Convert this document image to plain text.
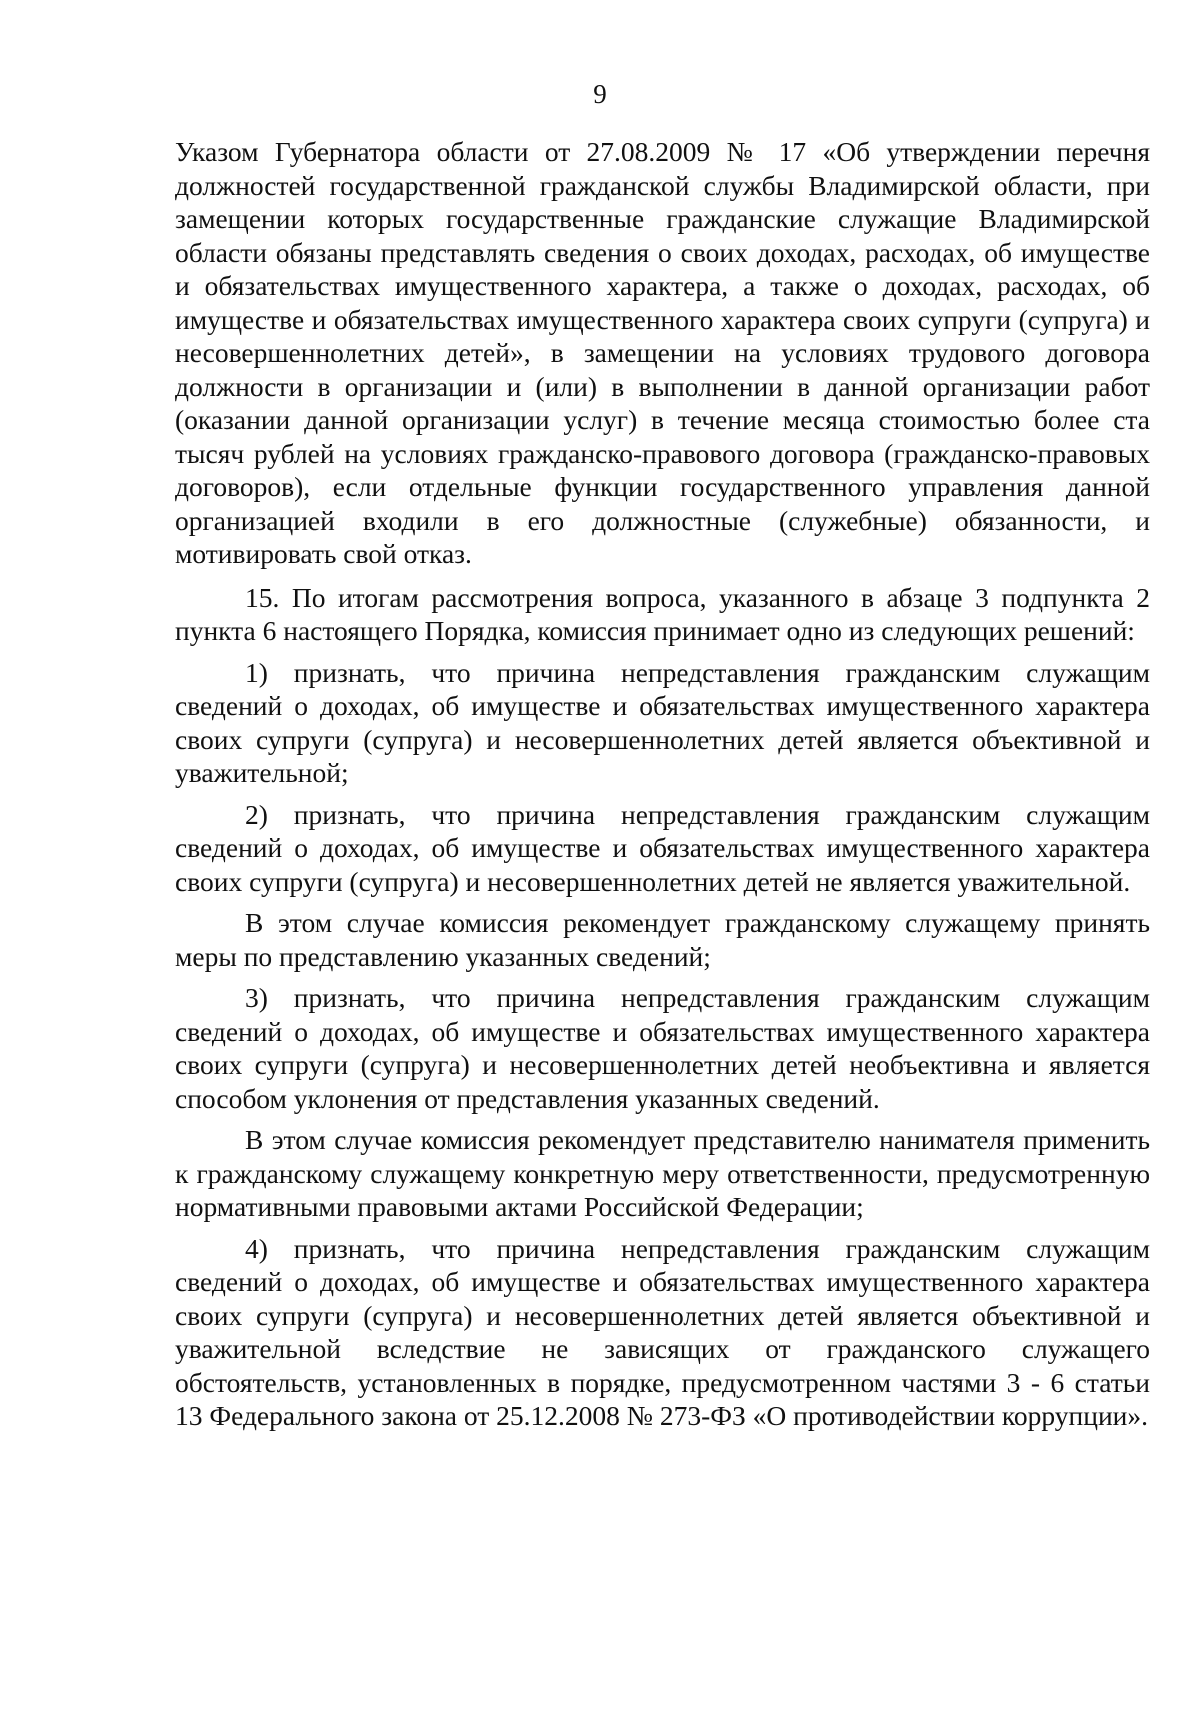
9

Указом Губернатора области от 27.08.2009 № 17 «Об утверждении перечня должностей государственной гражданской службы Владимирской области, при замещении которых государственные гражданские служащие Владимирской области обязаны представлять сведения о своих доходах, расходах, об имуществе и обязательствах имущественного характера, а также о доходах, расходах, об имуществе и обязательствах имущественного характера своих супруги (супруга) и несовершеннолетних детей», в замещении на условиях трудового договора должности в организации и (или) в выполнении в данной организации работ (оказании данной организации услуг) в течение месяца стоимостью более ста тысяч рублей на условиях гражданско-правового договора (гражданско-правовых договоров), если отдельные функции государственного управления данной организацией входили в его должностные (служебные) обязанности, и мотивировать свой отказ.

15. По итогам рассмотрения вопроса, указанного в абзаце 3 подпункта 2 пункта 6 настоящего Порядка, комиссия принимает одно из следующих решений:

1) признать, что причина непредставления гражданским служащим сведений о доходах, об имуществе и обязательствах имущественного характера своих супруги (супруга) и несовершеннолетних детей является объективной и уважительной;

2) признать, что причина непредставления гражданским служащим сведений о доходах, об имуществе и обязательствах имущественного характера своих супруги (супруга) и несовершеннолетних детей не является уважительной.

В этом случае комиссия рекомендует гражданскому служащему принять меры по представлению указанных сведений;

3) признать, что причина непредставления гражданским служащим сведений о доходах, об имуществе и обязательствах имущественного характера своих супруги (супруга) и несовершеннолетних детей необъективна и является способом уклонения от представления указанных сведений.

В этом случае комиссия рекомендует представителю нанимателя применить к гражданскому служащему конкретную меру ответственности, предусмотренную нормативными правовыми актами Российской Федерации;

4) признать, что причина непредставления гражданским служащим сведений о доходах, об имуществе и обязательствах имущественного характера своих супруги (супруга) и несовершеннолетних детей является объективной и уважительной вследствие не зависящих от гражданского служащего обстоятельств, установленных в порядке, предусмотренном частями 3 - 6 статьи 13 Федерального закона от 25.12.2008 № 273-ФЗ «О противодействии коррупции».
